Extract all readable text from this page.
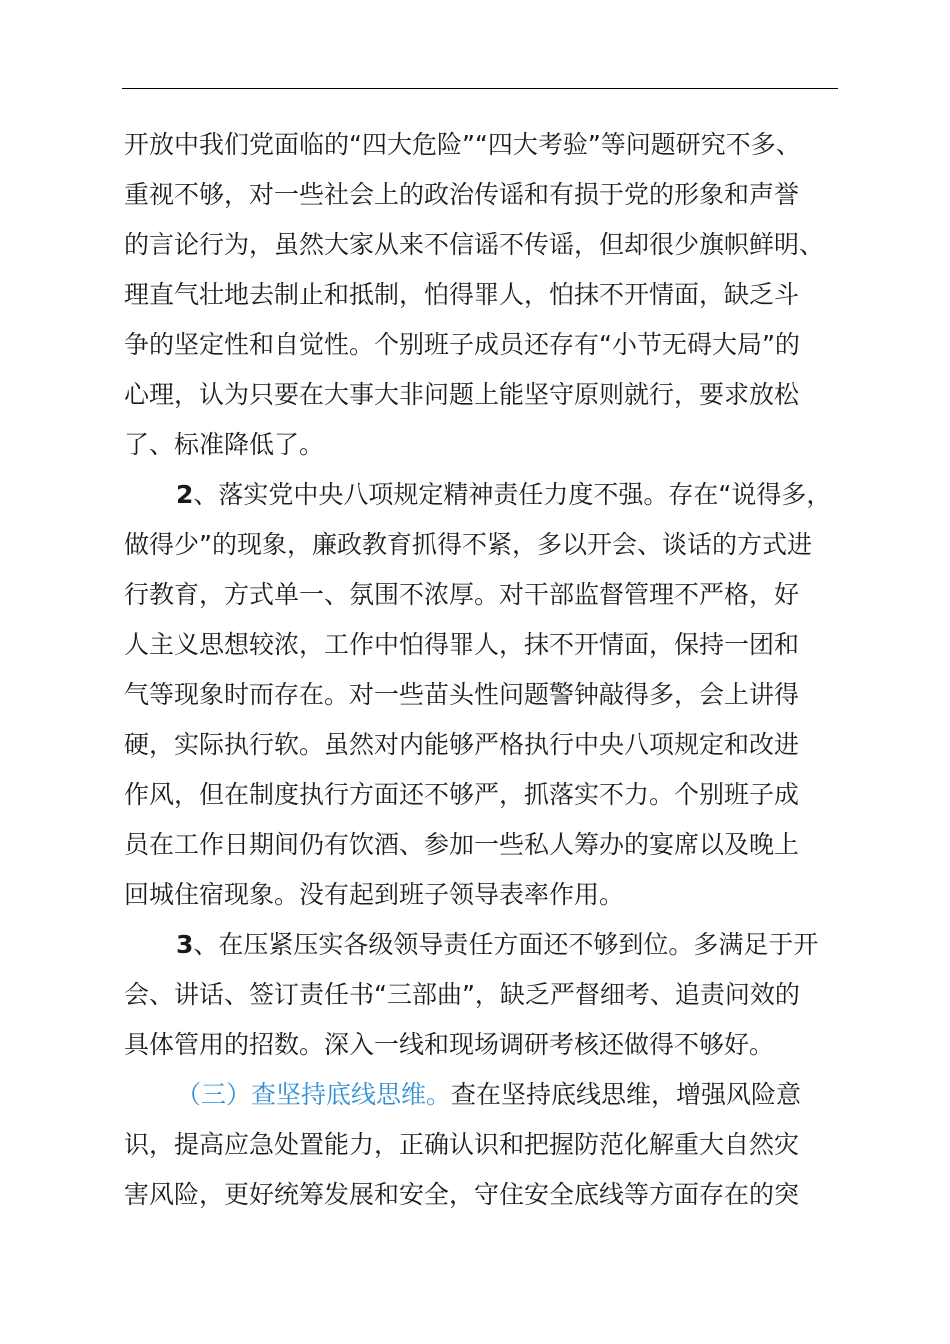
开放中我们党面临的“四大危险”“四大考验”等问题研究不多、
重视不够，对一些社会上的政治传谣和有损于党的形象和声誉
的言论行为，虽然大家从来不信谣不传谣，但却很少旗帜鲜明、
理直气壮地去制止和抵制，怕得罪人，怕抹不开情面，缺乏斗
争的坚定性和自觉性。个别班子成员还存有“小节无碍大局”的
心理，认为只要在大事大非问题上能坚守原则就行，要求放松
了、标准降低了。
2、落实党中央八项规定精神责任力度不强。存在“说得多，
做得少”的现象，廉政教育抓得不紧，多以开会、谈话的方式进
行教育，方式单一、氛围不浓厚。对干部监督管理不严格，好
人主义思想较浓，工作中怕得罪人，抹不开情面，保持一团和
气等现象时而存在。对一些苗头性问题警钟敲得多，会上讲得
硬，实际执行软。虽然对内能够严格执行中央八项规定和改进
作风，但在制度执行方面还不够严，抓落实不力。个别班子成
员在工作日期间仍有饮酒、参加一些私人筹办的宴席以及晚上
回城住宿现象。没有起到班子领导表率作用。
3、在压紧压实各级领导责任方面还不够到位。多满足于开
会、讲话、签订责任书“三部曲”，缺乏严督细考、追责问效的
具体管用的招数。深入一线和现场调研考核还做得不够好。
（三）查坚持底线思维。查在坚持底线思维，增强风险意
识，提高应急处置能力，正确认识和把握防范化解重大自然灾
害风险，更好统筹发展和安全，守住安全底线等方面存在的突
